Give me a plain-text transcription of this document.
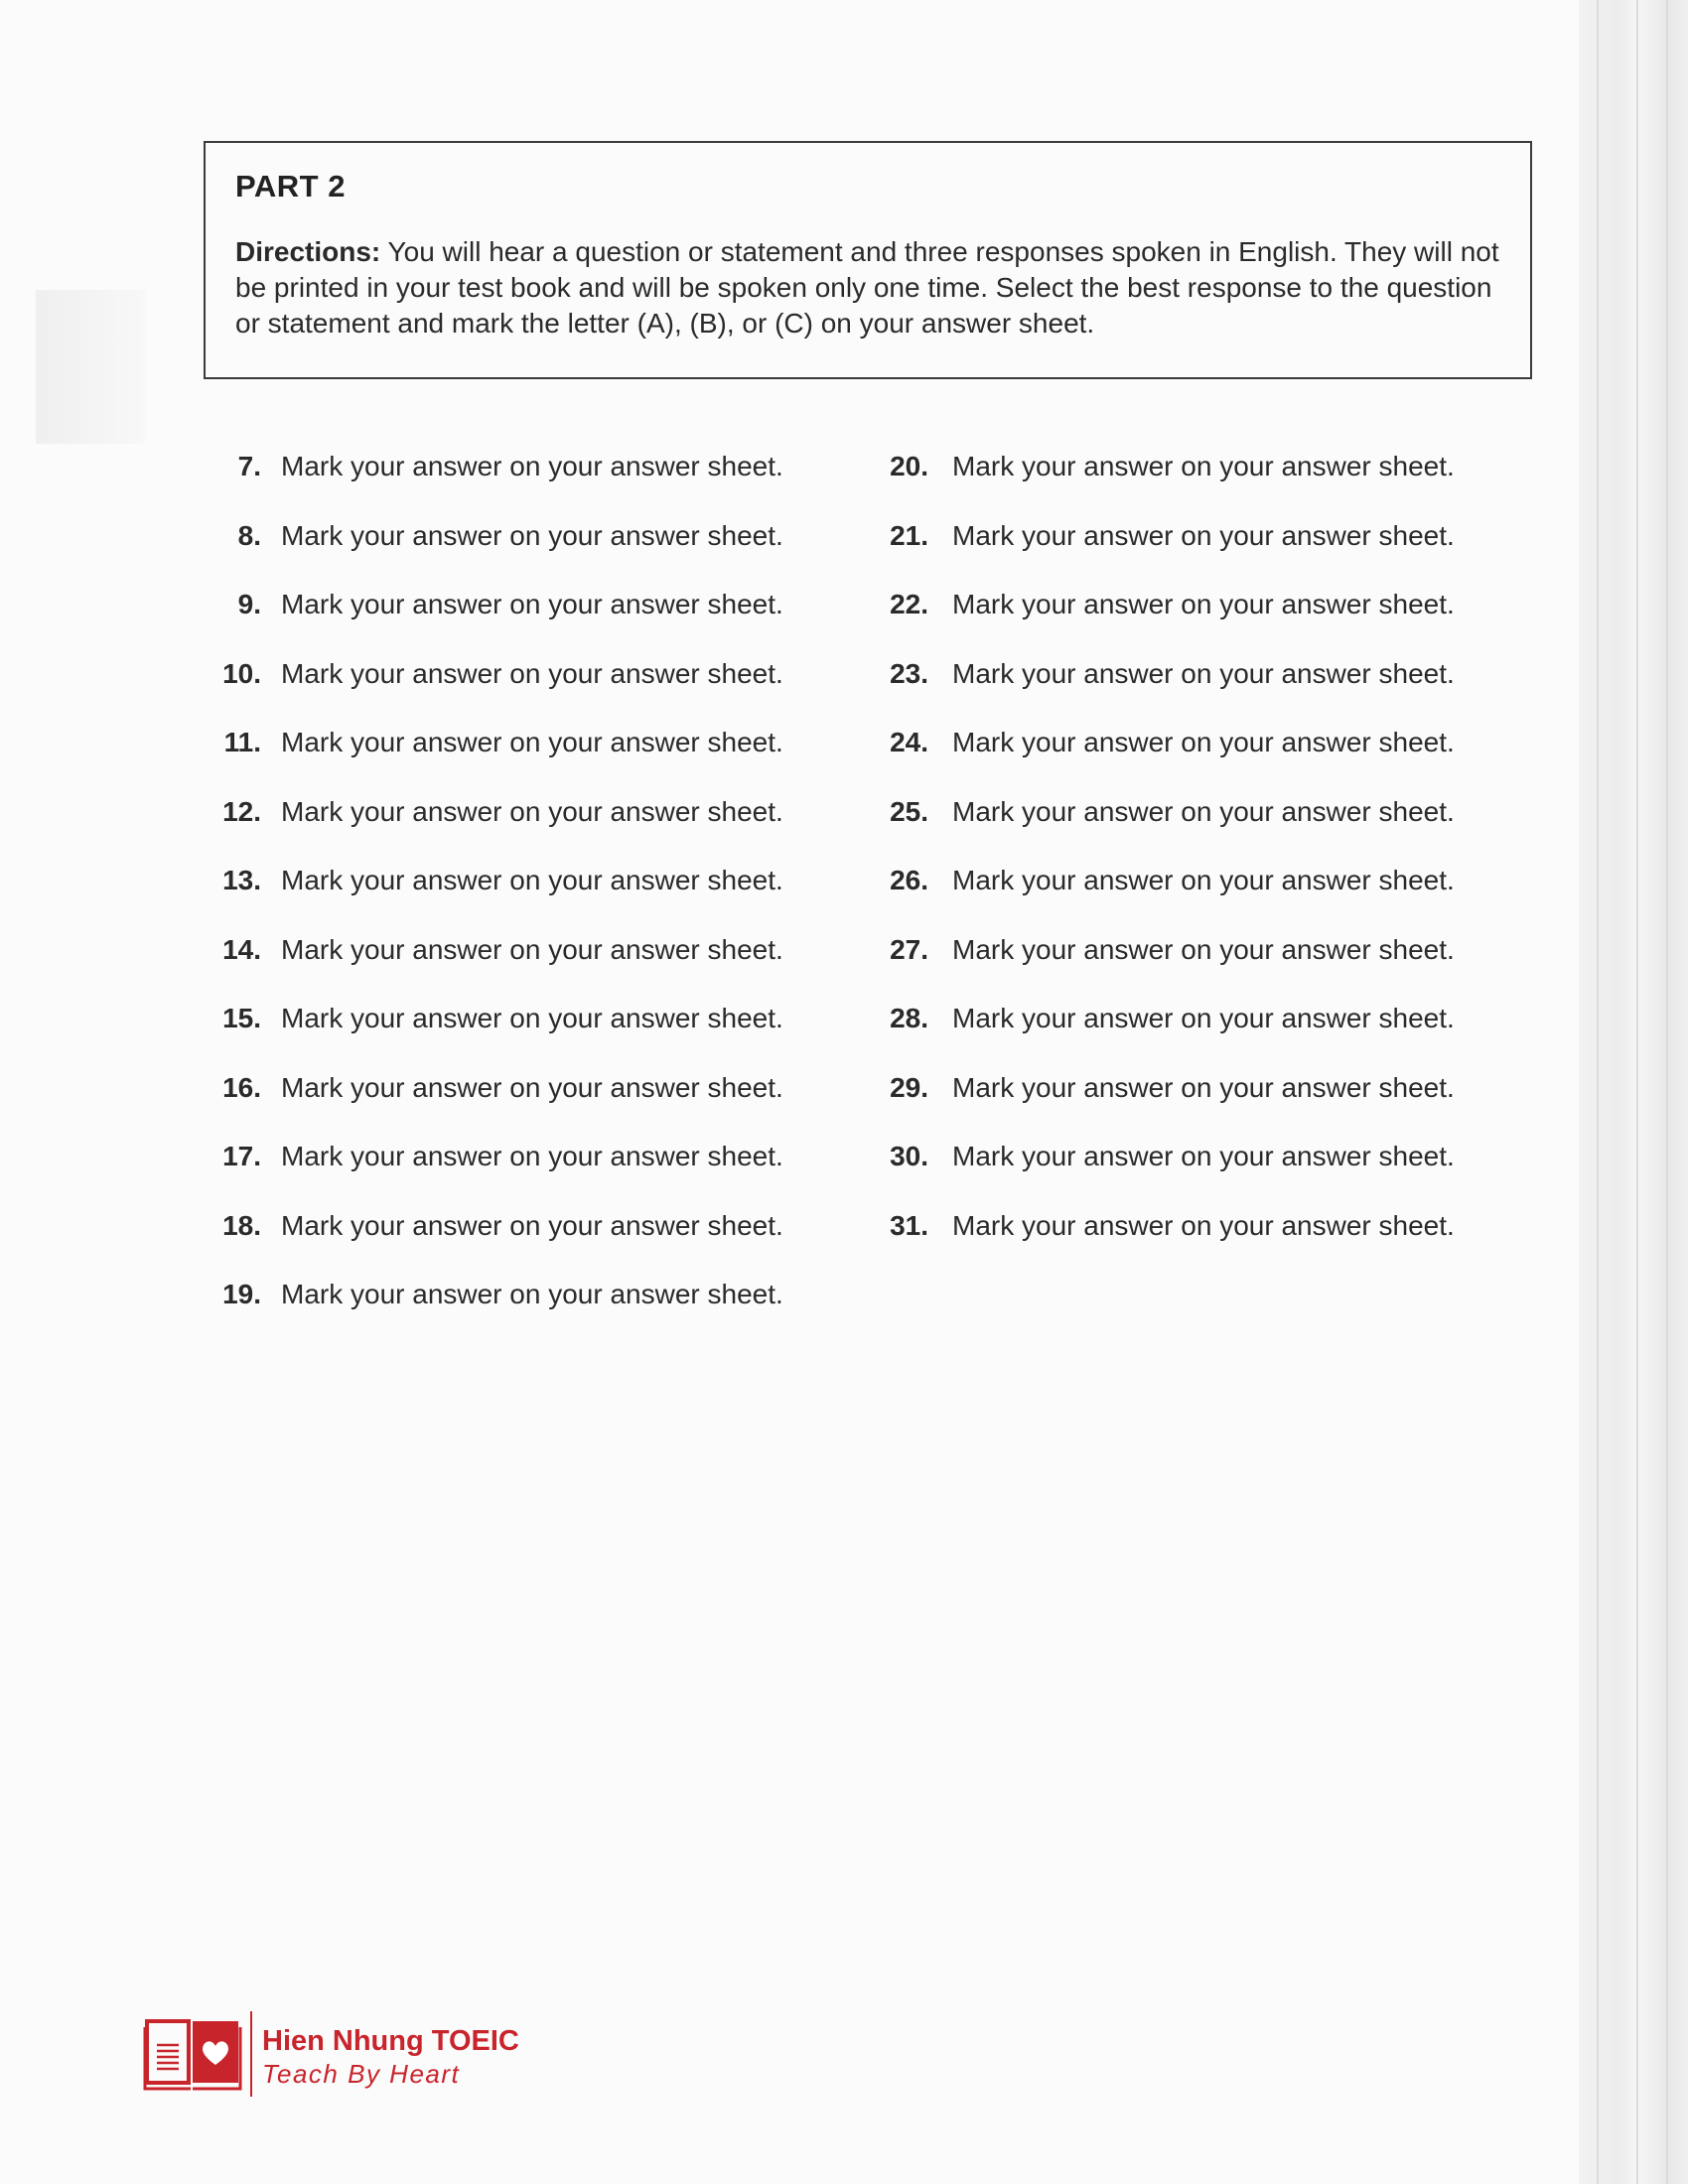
PART 2
Directions: You will hear a question or statement and three responses spoken in English. They will not be printed in your test book and will be spoken only one time. Select the best response to the question or statement and mark the letter (A), (B), or (C) on your answer sheet.
7. Mark your answer on your answer sheet.
8. Mark your answer on your answer sheet.
9. Mark your answer on your answer sheet.
10. Mark your answer on your answer sheet.
11. Mark your answer on your answer sheet.
12. Mark your answer on your answer sheet.
13. Mark your answer on your answer sheet.
14. Mark your answer on your answer sheet.
15. Mark your answer on your answer sheet.
16. Mark your answer on your answer sheet.
17. Mark your answer on your answer sheet.
18. Mark your answer on your answer sheet.
19. Mark your answer on your answer sheet.
20. Mark your answer on your answer sheet.
21. Mark your answer on your answer sheet.
22. Mark your answer on your answer sheet.
23. Mark your answer on your answer sheet.
24. Mark your answer on your answer sheet.
25. Mark your answer on your answer sheet.
26. Mark your answer on your answer sheet.
27. Mark your answer on your answer sheet.
28. Mark your answer on your answer sheet.
29. Mark your answer on your answer sheet.
30. Mark your answer on your answer sheet.
31. Mark your answer on your answer sheet.
Hien Nhung TOEIC
Teach By Heart
